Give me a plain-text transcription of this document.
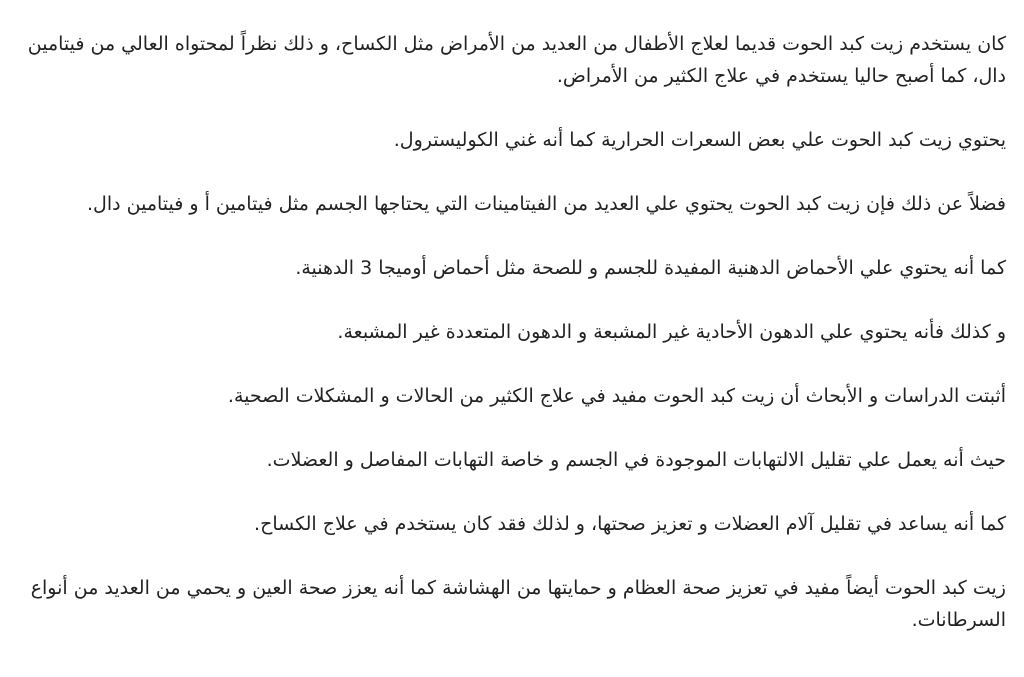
كان يستخدم زيت كبد الحوت قديما لعلاج الأطفال من العديد من الأمراض مثل الكساح، و ذلك نظراً لمحتواه العالي من فيتامين دال، كما أصبح حاليا يستخدم في علاج الكثير من الأمراض.

يحتوي زيت كبد الحوت علي بعض السعرات الحرارية كما أنه غني الكوليسترول.

فضلاً عن ذلك فإن زيت كبد الحوت يحتوي علي العديد من الفيتامينات التي يحتاجها الجسم مثل فيتامين أ و فيتامين دال.

كما أنه يحتوي علي الأحماض الدهنية المفيدة للجسم و للصحة مثل أحماض أوميجا 3 الدهنية.

و كذلك فأنه يحتوي علي الدهون الأحادية غير المشبعة و الدهون المتعددة غير المشبعة.

أثبتت الدراسات و الأبحاث أن زيت كبد الحوت مفيد في علاج الكثير من الحالات و المشكلات الصحية.

حيث أنه يعمل علي تقليل الالتهابات الموجودة في الجسم و خاصة التهابات المفاصل و العضلات.

كما أنه يساعد في تقليل آلام العضلات و تعزيز صحتها، و لذلك فقد كان يستخدم في علاج الكساح.

زيت كبد الحوت أيضاً مفيد في تعزيز صحة العظام و حمايتها من الهشاشة كما أنه يعزز صحة العين و يحمي من العديد من أنواع السرطانات.
